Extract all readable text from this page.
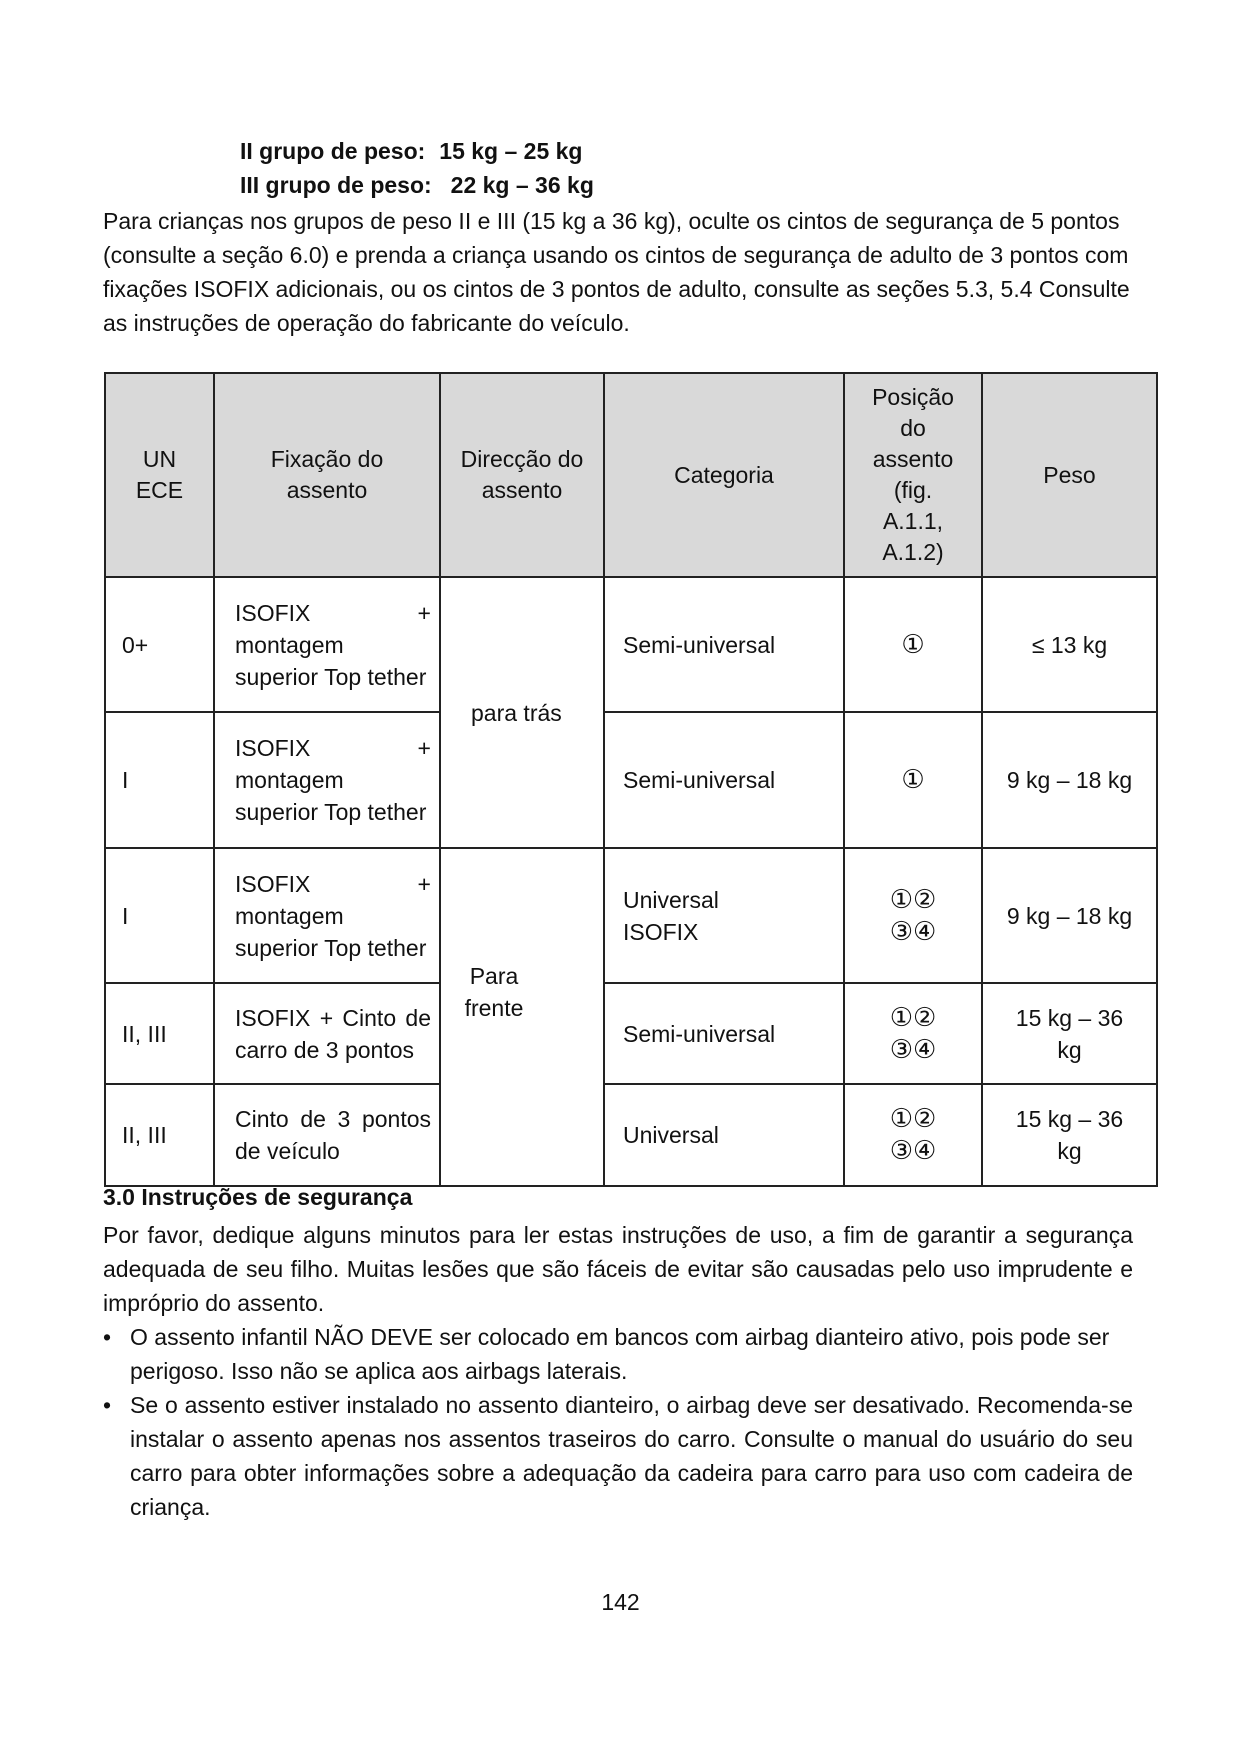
II grupo de peso: 15 kg – 25 kg
III grupo de peso: 22 kg – 36 kg
Para crianças nos grupos de peso II e III (15 kg a 36 kg), oculte os cintos de segurança de 5 pontos (consulte a seção 6.0) e prenda a criança usando os cintos de segurança de adulto de 3 pontos com fixações ISOFIX adicionais, ou os cintos de 3 pontos de adulto, consulte as seções 5.3, 5.4 Consulte as instruções de operação do fabricante do veículo.
UN ECE	Fixação do assento	Direcção do assento	Categoria	Posição do assento (fig. A.1.1, A.1.2)	Peso
0+	ISOFIX + montagem superior Top tether	para trás	Semi-universal	①	≤ 13 kg
I	ISOFIX + montagem superior Top tether		Semi-universal	①	9 kg – 18 kg
I	ISOFIX + montagem superior Top tether	Para frente	Universal ISOFIX	①②③④	9 kg – 18 kg
II, III	ISOFIX + Cinto de carro de 3 pontos		Semi-universal	①②③④	15 kg – 36 kg

II, III	Cinto de 3 pontos de veículo		Universal	①②③④	15 kg – 36 kg
3.0 Instruções de segurança
Por favor, dedique alguns minutos para ler estas instruções de uso, a fim de garantir a segurança adequada de seu filho. Muitas lesões que são fáceis de evitar são causadas pelo uso imprudente e impróprio do assento.
• O assento infantil NÃO DEVE ser colocado em bancos com airbag dianteiro ativo, pois pode ser perigoso. Isso não se aplica aos airbags laterais.
• Se o assento estiver instalado no assento dianteiro, o airbag deve ser desativado. Recomenda-se instalar o assento apenas nos assentos traseiros do carro. Consulte o manual do usuário do seu carro para obter informações sobre a adequação da cadeira para carro para uso com cadeira de criança.
142
